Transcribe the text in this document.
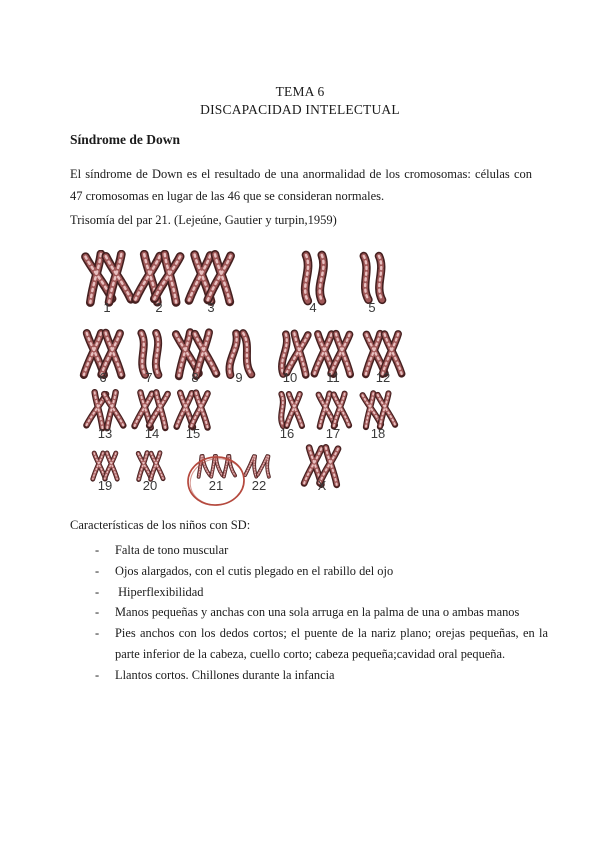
TEMA 6
DISCAPACIDAD INTELECTUAL
Síndrome de Down

El síndrome de Down es el resultado de una anormalidad de los cromosomas: células con 47 cromosomas en lugar de las 46 que se consideran normales.

Trisomía del par 21. (Lejeúne, Gautier y turpin,1959)

1	2	3	4	5
6	7	8	9	10 11	12
13	14 15	16 17 18
19 20	21 22	X

Características de los niños con SD:

-	Falta de tono muscular
-	Ojos alargados, con el cutis plegado en el rabillo del ojo
-	Hiperflexibilidad
-	Manos pequeñas y anchas con una sola arruga en la palma de una o ambas manos
-	Pies anchos con los dedos cortos; el puente de la nariz plano; orejas pequeñas, en la parte inferior de la cabeza, cuello corto; cabeza pequeña;cavidad oral pequeña.
-	Llantos cortos. Chillones durante la infancia
